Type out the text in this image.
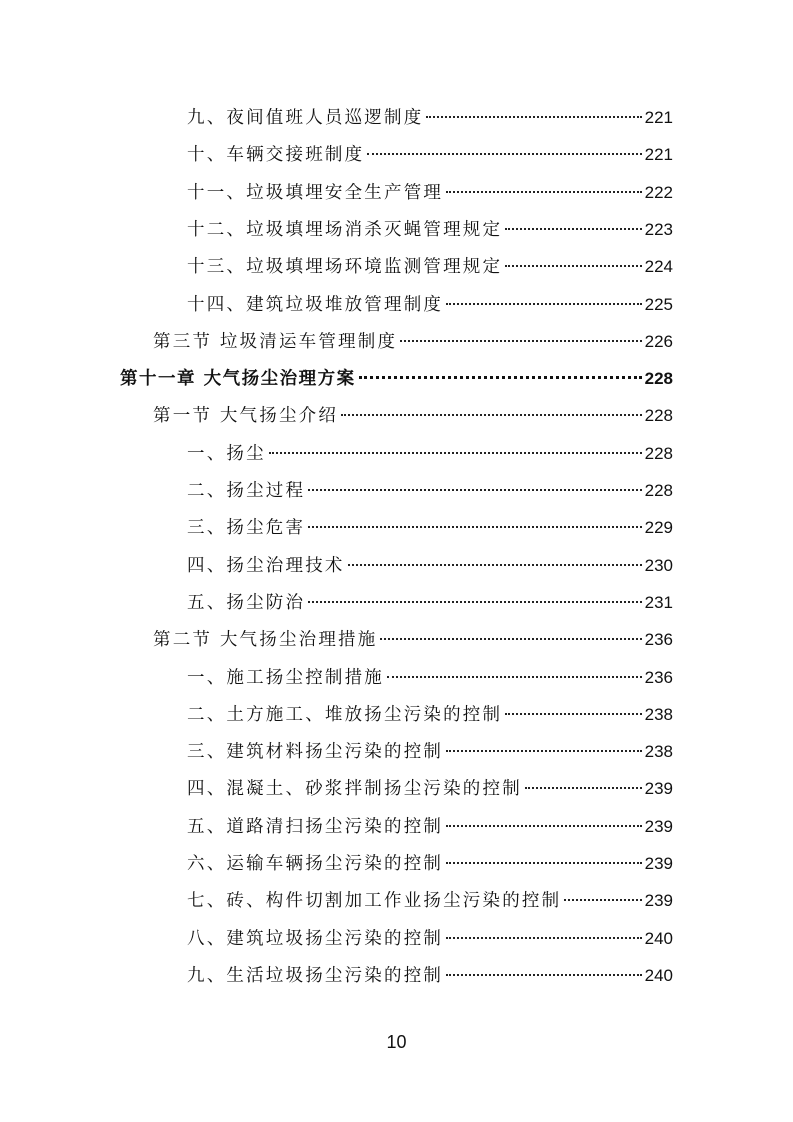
九、夜间值班人员巡逻制度	221
十、车辆交接班制度	221
十一、垃圾填埋安全生产管理	222
十二、垃圾填埋场消杀灭蝇管理规定	223
十三、垃圾填埋场环境监测管理规定	224
十四、建筑垃圾堆放管理制度	225
第三节 垃圾清运车管理制度	226
第十一章 大气扬尘治理方案	228
第一节 大气扬尘介绍	228
一、扬尘	228
二、扬尘过程	228
三、扬尘危害	229
四、扬尘治理技术	230
五、扬尘防治	231
第二节 大气扬尘治理措施	236
一、施工扬尘控制措施	236
二、土方施工、堆放扬尘污染的控制	238
三、建筑材料扬尘污染的控制	238
四、混凝土、砂浆拌制扬尘污染的控制	239
五、道路清扫扬尘污染的控制	239
六、运输车辆扬尘污染的控制	239
七、砖、构件切割加工作业扬尘污染的控制	239
八、建筑垃圾扬尘污染的控制	240
九、生活垃圾扬尘污染的控制	240
10
